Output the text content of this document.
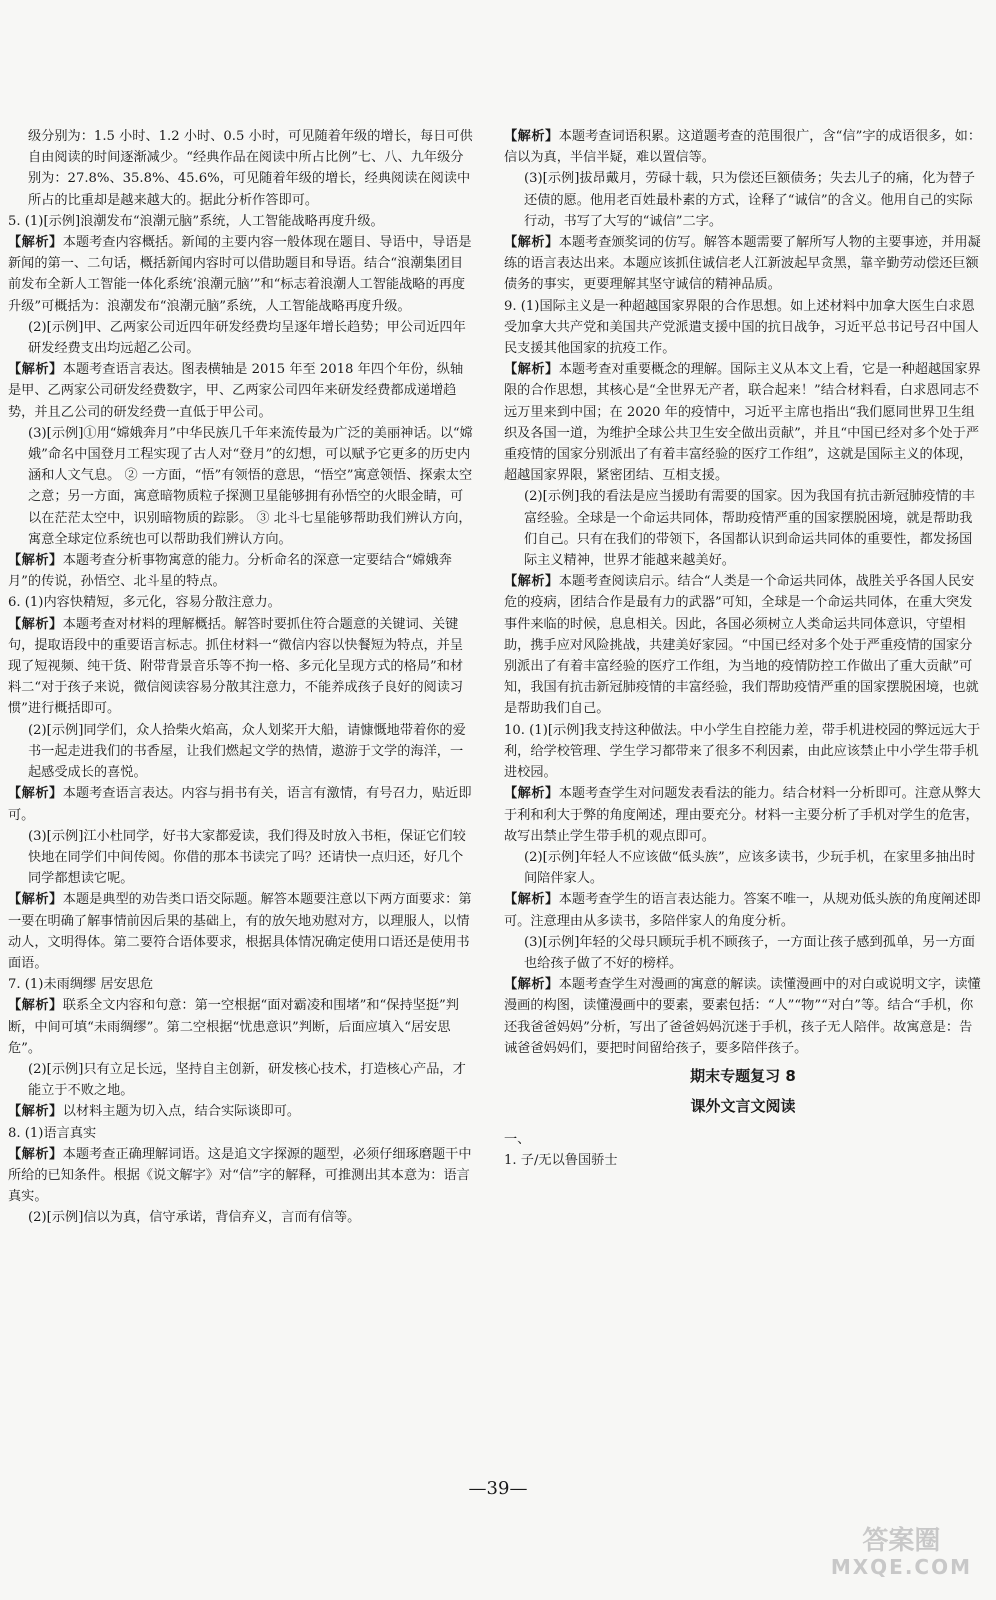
级分别为：1.5 小时、1.2 小时、0.5 小时，可见随着年级的增长，每日可供自由阅读的时间逐渐减少。“经典作品在阅读中所占比例”七、八、九年级分别为：27.8%、35.8%、45.6%，可见随着年级的增长，经典阅读在阅读中所占的比重却是越来越大的。据此分析作答即可。

5. (1)[示例]浪潮发布“浪潮元脑”系统，人工智能战略再度升级。

【解析】本题考查内容概括。新闻的主要内容一般体现在题目、导语中，导语是新闻的第一、二句话，概括新闻内容时可以借助题目和导语。结合“浪潮集团目前发布全新人工智能一体化系统‘浪潮元脑’”和“标志着浪潮人工智能战略的再度升级”可概括为：浪潮发布“浪潮元脑”系统，人工智能战略再度升级。

(2)[示例]甲、乙两家公司近四年研发经费均呈逐年增长趋势；甲公司近四年研发经费支出均远超乙公司。

【解析】本题考查语言表达。图表横轴是 2015 年至 2018 年四个年份，纵轴是甲、乙两家公司研发经费数字，甲、乙两家公司四年来研发经费都成递增趋势，并且乙公司的研发经费一直低于甲公司。

(3)[示例]①用“嫦娥奔月”中华民族几千年来流传最为广泛的美丽神话。以“嫦娥”命名中国登月工程实现了古人对“登月”的幻想，可以赋予它更多的历史内涵和人文气息。 ② 一方面，“悟”有领悟的意思，“悟空”寓意领悟、探索太空之意；另一方面，寓意暗物质粒子探测卫星能够拥有孙悟空的火眼金睛，可以在茫茫太空中，识别暗物质的踪影。 ③ 北斗七星能够帮助我们辨认方向，寓意全球定位系统也可以帮助我们辨认方向。

【解析】本题考查分析事物寓意的能力。分析命名的深意一定要结合“嫦娥奔月”的传说，孙悟空、北斗星的特点。

6. (1)内容快精短，多元化，容易分散注意力。

【解析】本题考查对材料的理解概括。解答时要抓住符合题意的关键词、关键句，提取语段中的重要语言标志。抓住材料一“微信内容以快餐短为特点，并呈现了短视频、纯干货、附带背景音乐等不拘一格、多元化呈现方式的格局”和材料二“对于孩子来说，微信阅读容易分散其注意力，不能养成孩子良好的阅读习惯”进行概括即可。

(2)[示例]同学们，众人拾柴火焰高，众人划桨开大船，请慷慨地带着你的爱书一起走进我们的书香屋，让我们燃起文学的热情，遨游于文学的海洋，一起感受成长的喜悦。

【解析】本题考查语言表达。内容与捐书有关，语言有激情，有号召力，贴近即可。

(3)[示例]江小杜同学，好书大家都爱读，我们得及时放入书柜，保证它们较快地在同学们中间传阅。你借的那本书读完了吗？还请快一点归还，好几个同学都想读它呢。

【解析】本题是典型的劝告类口语交际题。解答本题要注意以下两方面要求：第一要在明确了解事情前因后果的基础上，有的放矢地劝慰对方，以理服人，以情动人，文明得体。第二要符合语体要求，根据具体情况确定使用口语还是使用书面语。

7. (1)未雨绸缪 居安思危

【解析】联系全文内容和句意：第一空根据“面对霸凌和围堵”和“保持坚挺”判断，中间可填“未雨绸缪”。第二空根据“忧患意识”判断，后面应填入“居安思危”。

(2)[示例]只有立足长远，坚持自主创新，研发核心技术，打造核心产品，才能立于不败之地。

【解析】以材料主题为切入点，结合实际谈即可。

8. (1)语言真实

【解析】本题考查正确理解词语。这是追文字探源的题型，必须仔细琢磨题干中所给的已知条件。根据《说文解字》对“信”字的解释，可推测出其本意为：语言真实。

(2)[示例]信以为真，信守承诺，背信弃义，言而有信等。

【解析】本题考查词语积累。这道题考查的范围很广，含“信”字的成语很多，如：信以为真，半信半疑，难以置信等。

(3)[示例]拔昂戴月，劳碌十载，只为偿还巨额债务；失去儿子的痛，化为替子还债的愿。他用老百姓最朴素的方式，诠释了“诚信”的含义。他用自己的实际行动，书写了大写的“诚信”二字。

【解析】本题考查颁奖词的仿写。解答本题需要了解所写人物的主要事迹，并用凝练的语言表达出来。本题应该抓住诚信老人江新波起早贪黑，靠辛勤劳动偿还巨额债务的事实，更要理解其坚守诚信的精神品质。

9. (1)国际主义是一种超越国家界限的合作思想。如上述材料中加拿大医生白求恩受加拿大共产党和美国共产党派遣支援中国的抗日战争，习近平总书记号召中国人民支援其他国家的抗疫工作。

【解析】本题考查对重要概念的理解。国际主义从本文上看，它是一种超越国家界限的合作思想，其核心是“全世界无产者，联合起来！”结合材料看，白求恩同志不远万里来到中国；在 2020 年的疫情中，习近平主席也指出“我们愿同世界卫生组织及各国一道，为维护全球公共卫生安全做出贡献”，并且“中国已经对多个处于严重疫情的国家分别派出了有着丰富经验的医疗工作组”，这就是国际主义的体现，超越国家界限，紧密团结、互相支援。

(2)[示例]我的看法是应当援助有需要的国家。因为我国有抗击新冠肺疫情的丰富经验。全球是一个命运共同体，帮助疫情严重的国家摆脱困境，就是帮助我们自己。只有在我们的带领下，各国都认识到命运共同体的重要性，都发扬国际主义精神，世界才能越来越美好。

【解析】本题考查阅读启示。结合“人类是一个命运共同体，战胜关乎各国人民安危的疫病，团结合作是最有力的武器”可知，全球是一个命运共同体，在重大突发事件来临的时候，息息相关。因此，各国必须树立人类命运共同体意识，守望相助，携手应对风险挑战，共建美好家园。“中国已经对多个处于严重疫情的国家分别派出了有着丰富经验的医疗工作组，为当地的疫情防控工作做出了重大贡献”可知，我国有抗击新冠肺疫情的丰富经验，我们帮助疫情严重的国家摆脱困境，也就是帮助我们自己。

10. (1)[示例]我支持这种做法。中小学生自控能力差，带手机进校园的弊远远大于利，给学校管理、学生学习都带来了很多不利因素，由此应该禁止中小学生带手机进校园。

【解析】本题考查学生对问题发表看法的能力。结合材料一分析即可。注意从弊大于利和利大于弊的角度阐述，理由要充分。材料一主要分析了手机对学生的危害，故写出禁止学生带手机的观点即可。

(2)[示例]年轻人不应该做“低头族”，应该多读书，少玩手机，在家里多抽出时间陪伴家人。

【解析】本题考查学生的语言表达能力。答案不唯一，从规劝低头族的角度阐述即可。注意理由从多读书，多陪伴家人的角度分析。

(3)[示例]年轻的父母只顾玩手机不顾孩子，一方面让孩子感到孤单，另一方面也给孩子做了不好的榜样。

【解析】本题考查学生对漫画的寓意的解读。读懂漫画中的对白或说明文字，读懂漫画的构图，读懂漫画中的要素，要素包括：“人”“物”“对白”等。结合“手机，你还我爸爸妈妈”分析，写出了爸爸妈妈沉迷于手机，孩子无人陪伴。故寓意是：告诫爸爸妈妈们，要把时间留给孩子，要多陪伴孩子。

期末专题复习 8
课外文言文阅读
一、

1. 子/无以鲁国骄士

—39—
答案圈
MXQE.COM
